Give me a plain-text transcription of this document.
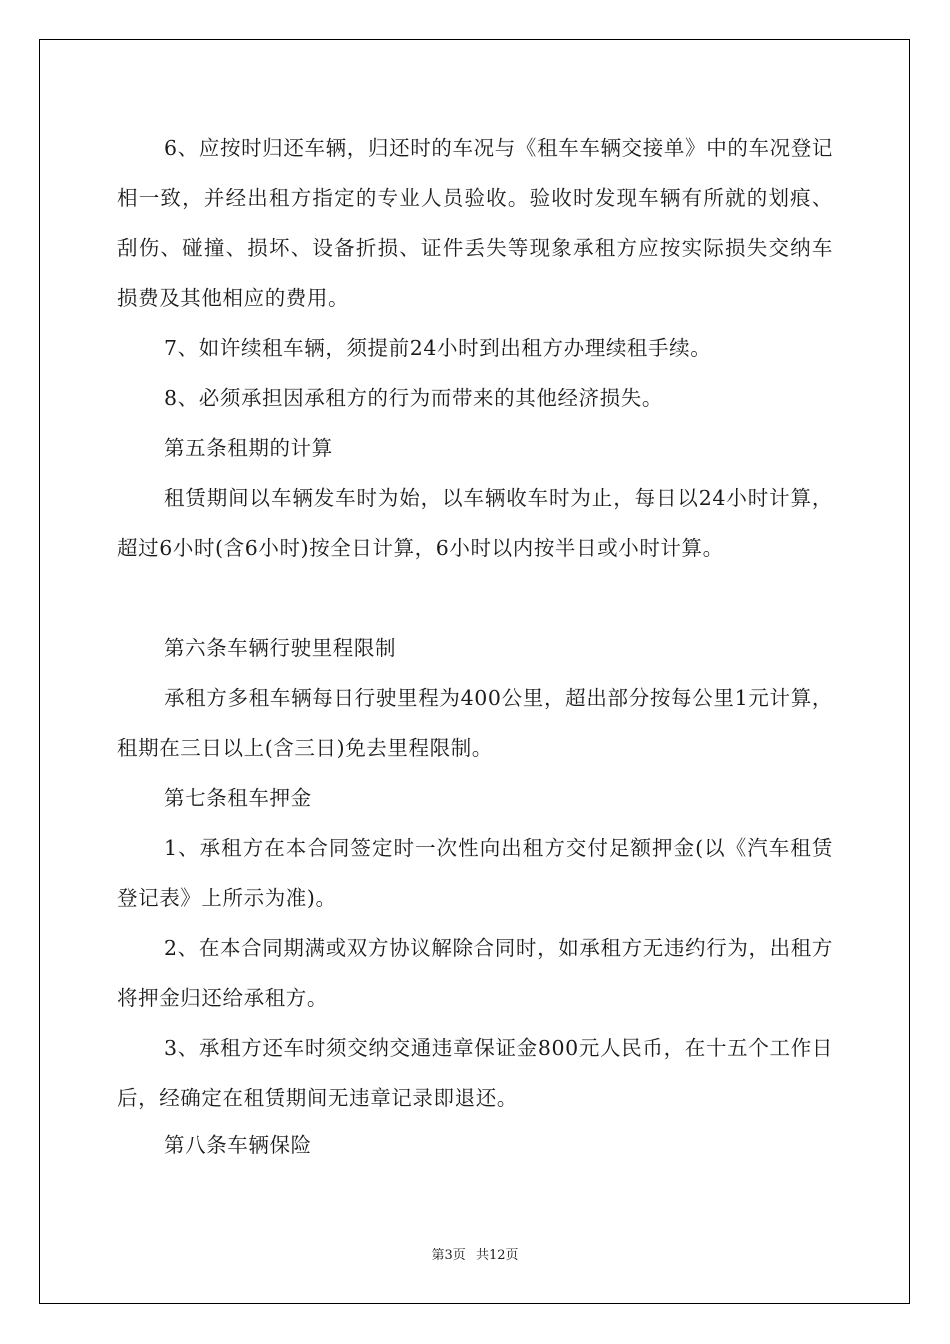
6、应按时归还车辆，归还时的车况与《租车车辆交接单》中的车况登记相一致，并经出租方指定的专业人员验收。验收时发现车辆有所就的划痕、刮伤、碰撞、损坏、设备折损、证件丢失等现象承租方应按实际损失交纳车损费及其他相应的费用。

7、如许续租车辆，须提前24小时到出租方办理续租手续。

8、必须承担因承租方的行为而带来的其他经济损失。

第五条租期的计算

租赁期间以车辆发车时为始，以车辆收车时为止，每日以24小时计算，超过6小时(含6小时)按全日计算，6小时以内按半日或小时计算。

第六条车辆行驶里程限制

承租方多租车辆每日行驶里程为400公里，超出部分按每公里1元计算，租期在三日以上(含三日)免去里程限制。

第七条租车押金

1、承租方在本合同签定时一次性向出租方交付足额押金(以《汽车租赁登记表》上所示为准)。

2、在本合同期满或双方协议解除合同时，如承租方无违约行为，出租方将押金归还给承租方。

3、承租方还车时须交纳交通违章保证金800元人民币，在十五个工作日后，经确定在租赁期间无违章记录即退还。

第八条车辆保险

第3页 共12页
